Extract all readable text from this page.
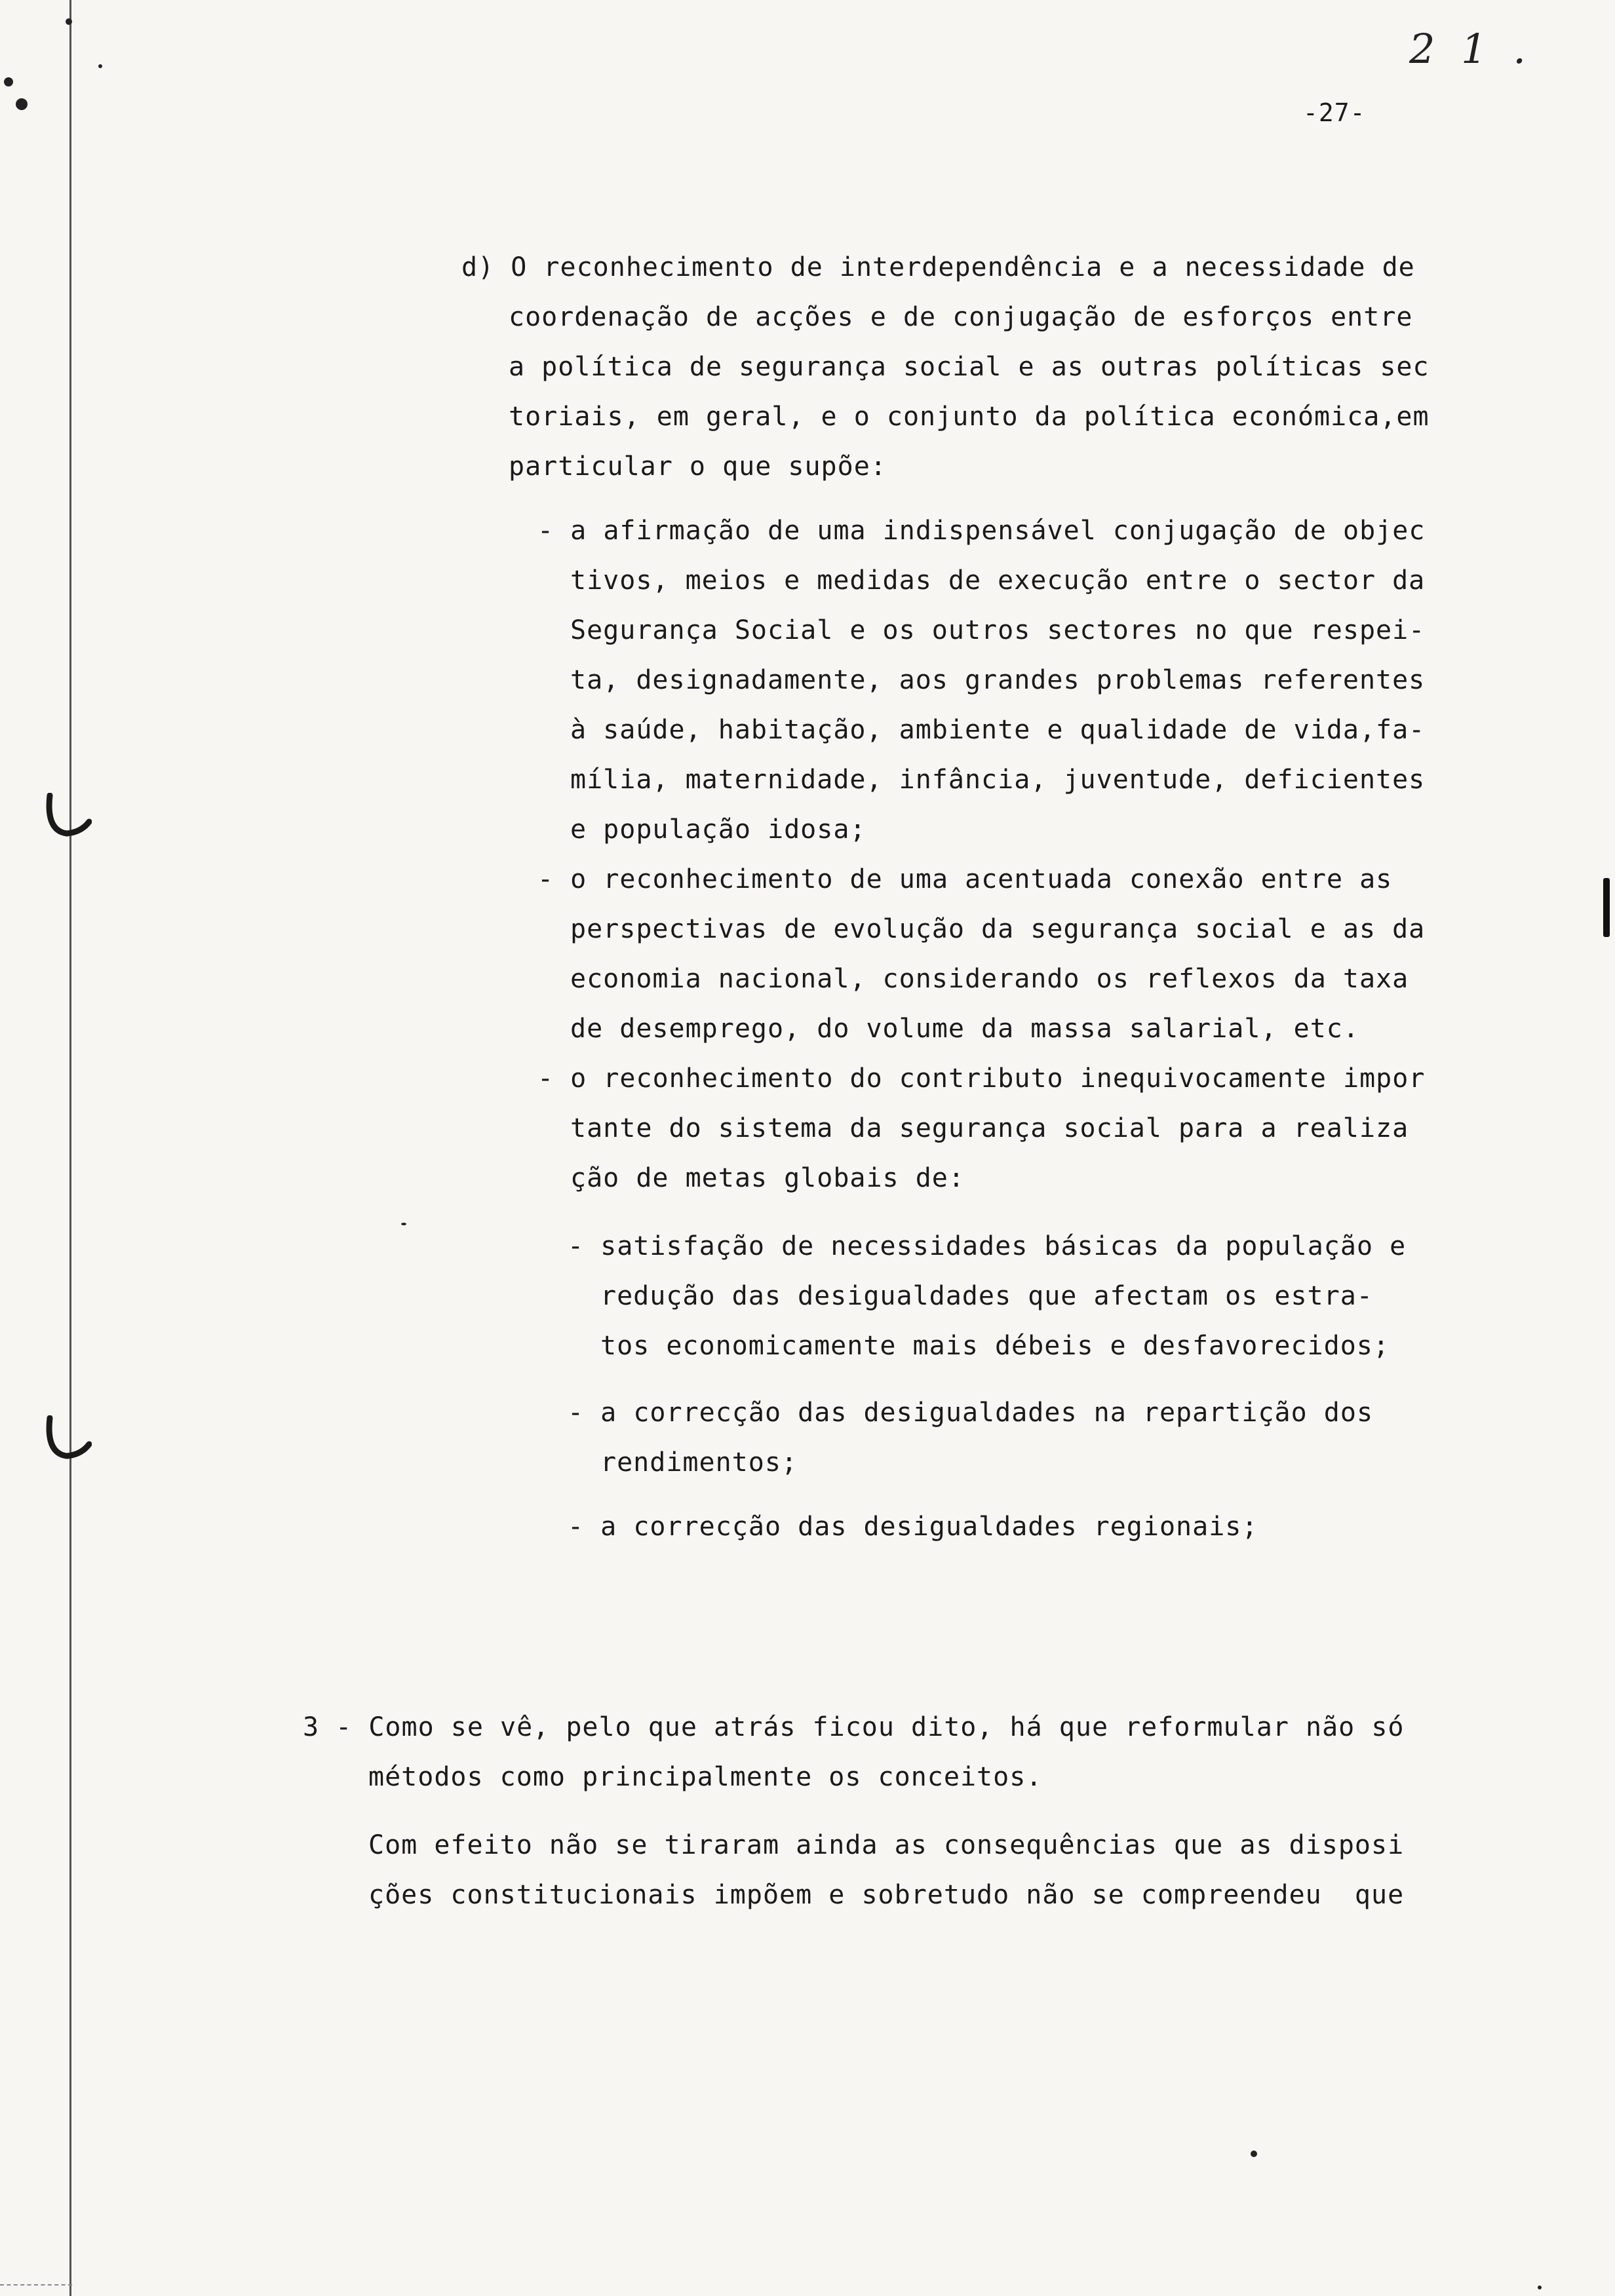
2 1 .
-27-
d) O reconhecimento de interdependência e a necessidade de
coordenação de acções e de conjugação de esforços entre
a política de segurança social e as outras políticas sec
toriais, em geral, e o conjunto da política económica,em
particular o que supõe:
- a afirmação de uma indispensável conjugação de objec
tivos, meios e medidas de execução entre o sector da
Segurança Social e os outros sectores no que respei-
ta, designadamente, aos grandes problemas referentes
à saúde, habitação, ambiente e qualidade de vida,fa-
mília, maternidade, infância, juventude, deficientes
e população idosa;
- o reconhecimento de uma acentuada conexão entre as
perspectivas de evolução da segurança social e as da
economia nacional, considerando os reflexos da taxa
de desemprego, do volume da massa salarial, etc.
- o reconhecimento do contributo inequivocamente impor
tante do sistema da segurança social para a realiza
ção de metas globais de:
- satisfação de necessidades básicas da população e
redução das desigualdades que afectam os estra-
tos economicamente mais débeis e desfavorecidos;
- a correcção das desigualdades na repartição dos
rendimentos;
- a correcção das desigualdades regionais;
3 - Como se vê, pelo que atrás ficou dito, há que reformular não só
métodos como principalmente os conceitos.
Com efeito não se tiraram ainda as consequências que as disposi
ções constitucionais impõem e sobretudo não se compreendeu  que
